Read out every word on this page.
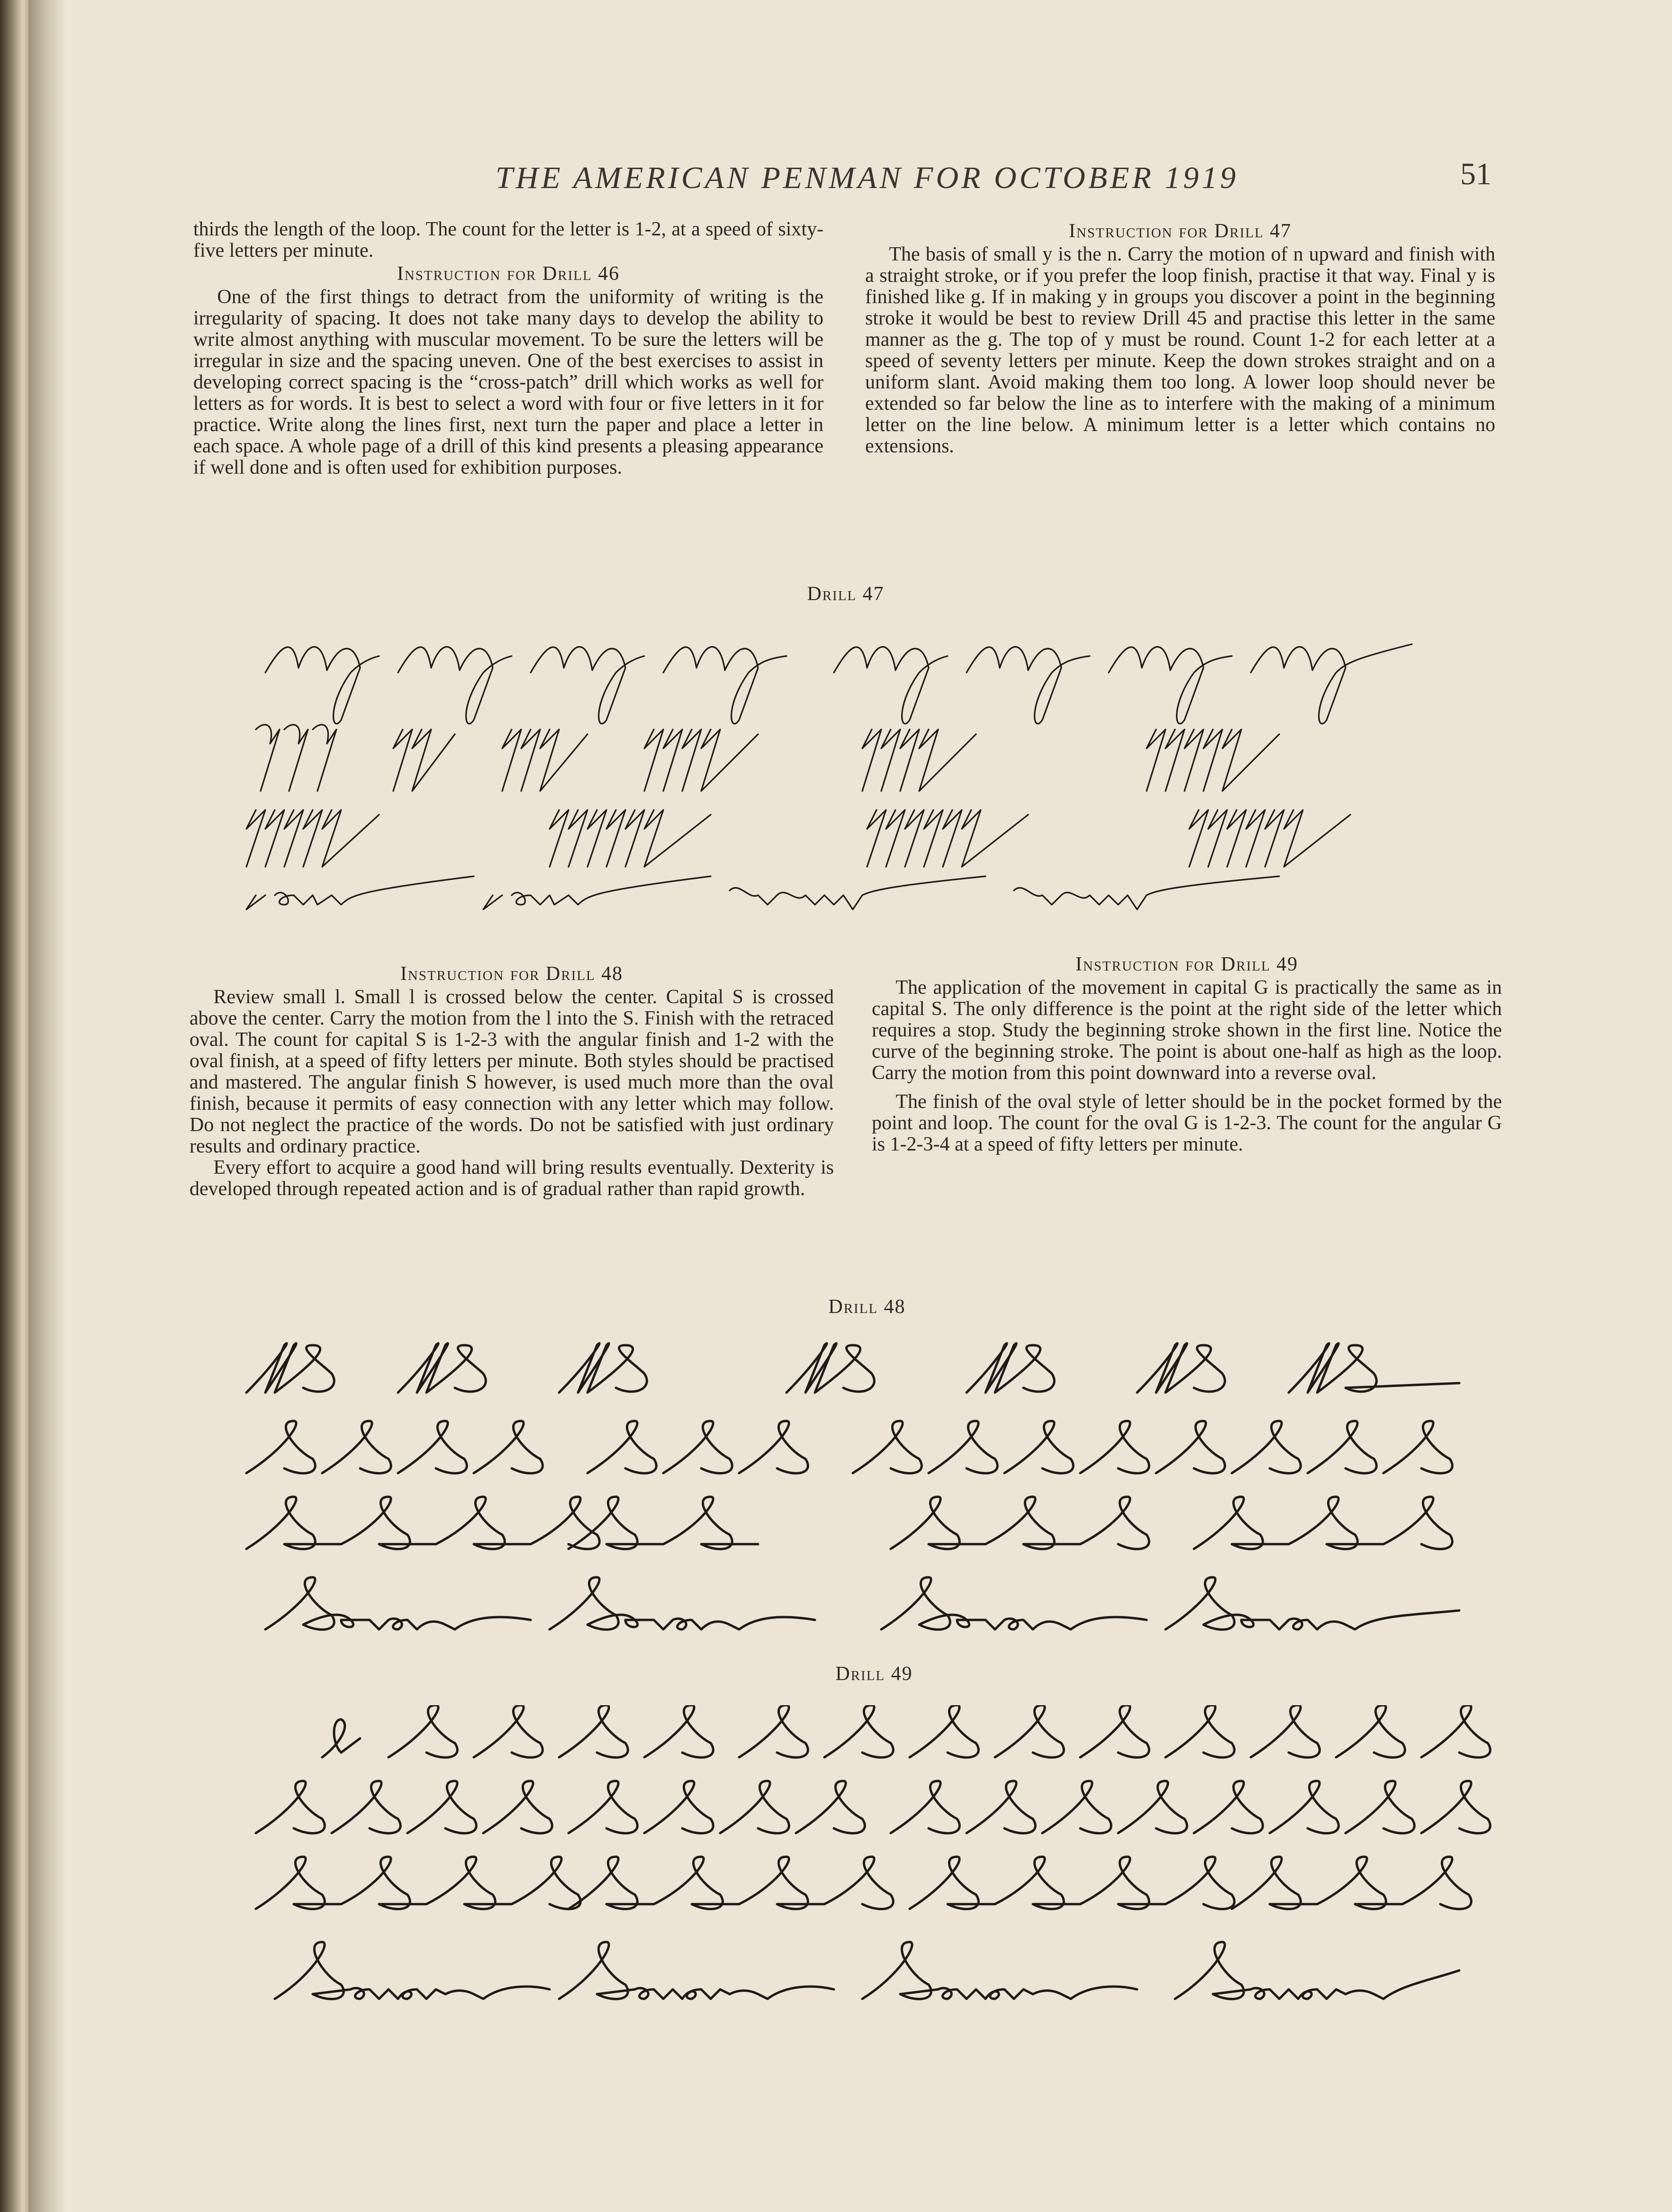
THE AMERICAN PENMAN FOR OCTOBER 1919	51

thirds the length of the loop. The count for the letter is 1-2, at a speed of sixty-five letters per minute.

Instruction for Drill 46

One of the first things to detract from the uniformity of writing is the irregularity of spacing. It does not take many days to develop the ability to write almost anything with muscular movement. To be sure the letters will be irregular in size and the spacing uneven. One of the best exercises to assist in developing correct spacing is the “cross-patch” drill which works as well for letters as for words. It is best to select a word with four or five letters in it for practice. Write along the lines first, next turn the paper and place a letter in each space. A whole page of a drill of this kind presents a pleasing appearance if well done and is often used for exhibition purposes.

Instruction for Drill 47

The basis of small y is the n. Carry the motion of n upward and finish with a straight stroke, or if you prefer the loop finish, practise it that way. Final y is finished like g. If in making y in groups you discover a point in the beginning stroke it would be best to review Drill 45 and practise this letter in the same manner as the g. The top of y must be round. Count 1-2 for each letter at a speed of seventy letters per minute. Keep the down strokes straight and on a uniform slant. Avoid making them too long. A lower loop should never be extended so far below the line as to interfere with the making of a minimum letter on the line below. A minimum letter is a letter which contains no extensions.

Drill 47
Instruction for Drill 48

Review small l. Small l is crossed below the center. Capital S is crossed above the center. Carry the motion from the l into the S. Finish with the retraced oval. The count for capital S is 1-2-3 with the angular finish and 1-2 with the oval finish, at a speed of fifty letters per minute. Both styles should be practised and mastered. The angular finish S however, is used much more than the oval finish, because it permits of easy connection with any letter which may follow. Do not neglect the practice of the words. Do not be satisfied with just ordinary results and ordinary practice.

Every effort to acquire a good hand will bring results eventually. Dexterity is developed through repeated action and is of gradual rather than rapid growth.

Instruction for Drill 49

The application of the movement in capital G is practically the same as in capital S. The only difference is the point at the right side of the letter which requires a stop. Study the beginning stroke shown in the first line. Notice the curve of the beginning stroke. The point is about one-half as high as the loop. Carry the motion from this point downward into a reverse oval.

The finish of the oval style of letter should be in the pocket formed by the point and loop. The count for the oval G is 1-2-3. The count for the angular G is 1-2-3-4 at a speed of fifty letters per minute.

Drill 48
Drill 49
